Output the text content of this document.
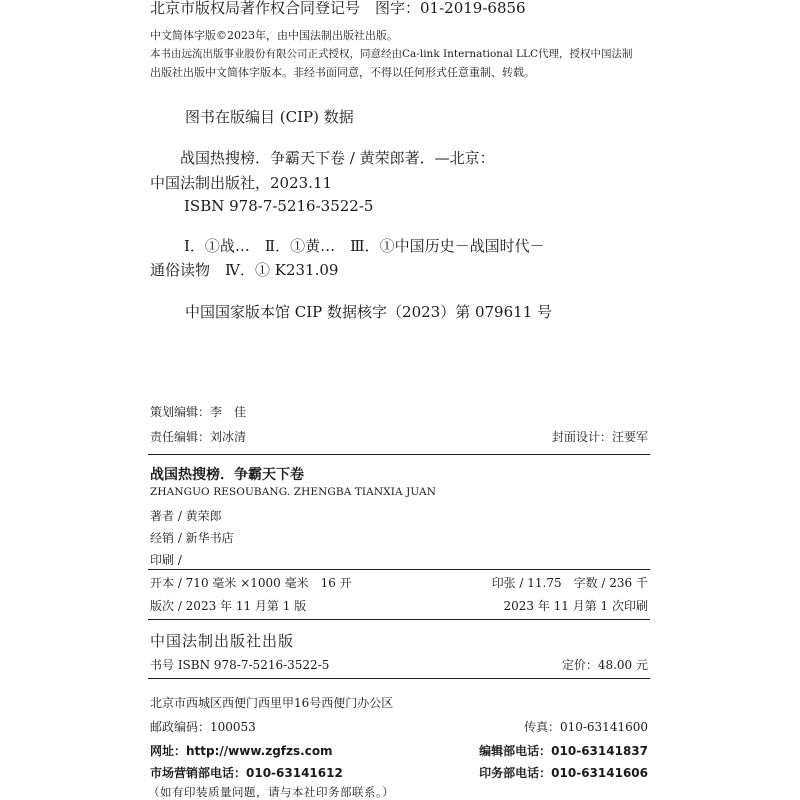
北京市版权局著作权合同登记号　图字：01-2019-6856
中文简体字版©2023年，由中国法制出版社出版。
本书由远流出版事业股份有限公司正式授权，同意经由Ca-link International LLC代理，授权中国法制
出版社出版中文简体字版本。非经书面同意，不得以任何形式任意重制、转载。
图书在版编目 (CIP) 数据
战国热搜榜．争霸天下卷 / 黄荣郎著．—北京：
中国法制出版社，2023.11
ISBN 978-7-5216-3522-5
Ⅰ．①战…　Ⅱ．①黄…　Ⅲ．①中国历史－战国时代－
通俗读物　Ⅳ．① K231.09
中国国家版本馆 CIP 数据核字（2023）第 079611 号
策划编辑：李　佳
责任编辑：刘冰清	封面设计：汪要军
战国热搜榜．争霸天下卷
ZHANGUO RESOUBANG. ZHENGBA TIANXIA JUAN
著者 / 黄荣郎
经销 / 新华书店
印刷 /
开本 / 710 毫米 ×1000 毫米　16 开	印张 / 11.75　字数 / 236 千
版次 / 2023 年 11 月第 1 版	2023 年 11 月第 1 次印刷
中国法制出版社出版
书号 ISBN 978-7-5216-3522-5	定价：48.00 元
北京市西城区西便门西里甲16号西便门办公区
邮政编码：100053	传真：010-63141600
网址：http://www.zgfzs.com	编辑部电话：010-63141837
市场营销部电话：010-63141612	印务部电话：010-63141606
（如有印装质量问题，请与本社印务部联系。）
